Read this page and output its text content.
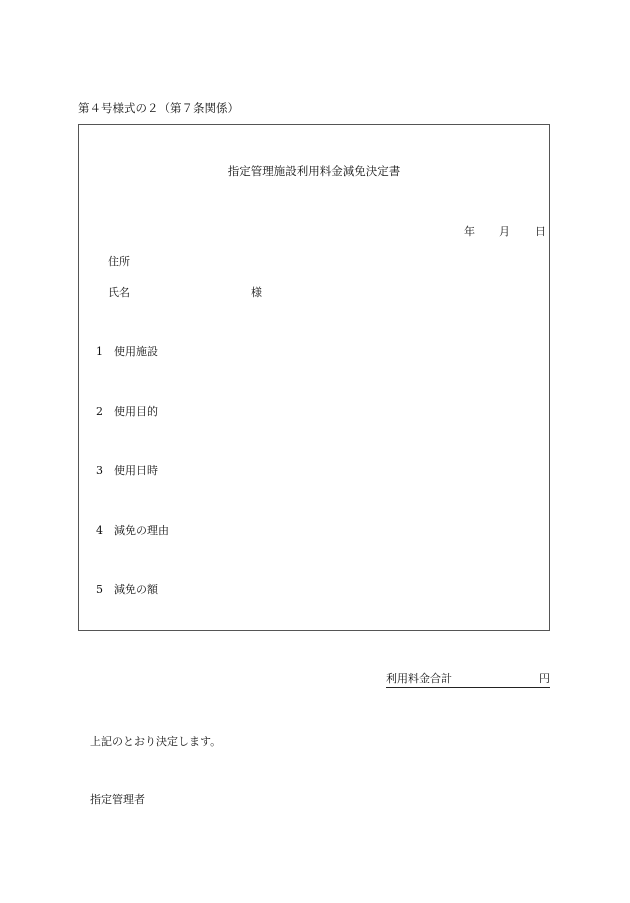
第４号様式の２（第７条関係）
指定管理施設利用料金減免決定書
年 月 日
住所
氏名	様
1 使用施設
2 使用目的
3 使用日時
4 減免の理由
5 減免の額
利用料金合計	円
上記のとおり決定します。
指定管理者
